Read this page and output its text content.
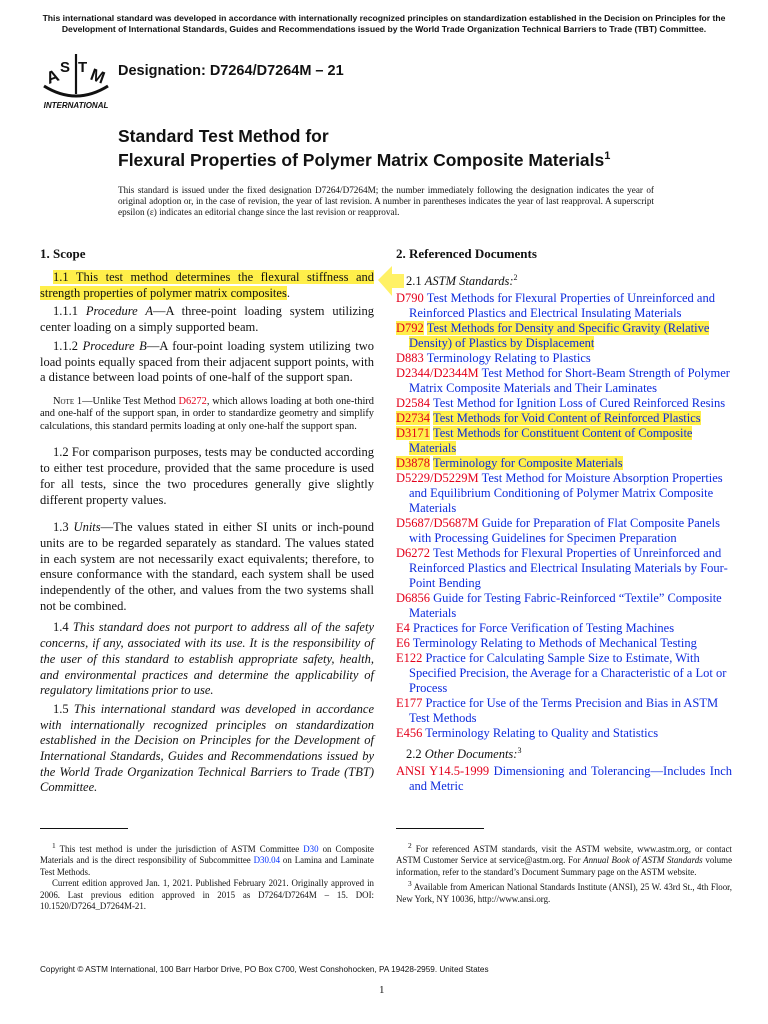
This international standard was developed in accordance with internationally recognized principles on standardization established in the Decision on Principles for the Development of International Standards, Guides and Recommendations issued by the World Trade Organization Technical Barriers to Trade (TBT) Committee.
A
S T M
INTERNATIONAL
Designation: D7264/D7264M – 21
Standard Test Method for
Flexural Properties of Polymer Matrix Composite Materials$^1$
This standard is issued under the fixed designation D7264/D7264M; the number immediately following the designation indicates the year of original adoption or, in the case of revision, the year of last revision. A number in parentheses indicates the year of last reapproval. A superscript epsilon (ε) indicates an editorial change since the last revision or reapproval.
1. Scope

1.1 This test method determines the flexural stiffness and strength properties of polymer matrix composites.

1.1.1 Procedure A—A three-point loading system utilizing center loading on a simply supported beam.

1.1.2 Procedure B—A four-point loading system utilizing two load points equally spaced from their adjacent support points, with a distance between load points of one-half of the support span.

Note 1—Unlike Test Method D6272, which allows loading at both one-third and one-half of the support span, in order to standardize geometry and simplify calculations, this standard permits loading at only one-half the support span.

1.2 For comparison purposes, tests may be conducted according to either test procedure, provided that the same procedure is used for all tests, since the two procedures generally give slightly different property values.

1.3 Units—The values stated in either SI units or inch-pound units are to be regarded separately as standard. The values stated in each system are not necessarily exact equivalents; therefore, to ensure conformance with the standard, each system shall be used independently of the other, and values from the two systems shall not be combined.

1.4 This standard does not purport to address all of the safety concerns, if any, associated with its use. It is the responsibility of the user of this standard to establish appropriate safety, health, and environmental practices and determine the applicability of regulatory limitations prior to use.

1.5 This international standard was developed in accordance with internationally recognized principles on standardization established in the Decision on Principles for the Development of International Standards, Guides and Recommendations issued by the World Trade Organization Technical Barriers to Trade (TBT) Committee.

2. Referenced Documents

2.1 ASTM Standards:$^2$

D790 Test Methods for Flexural Properties of Unreinforced and Reinforced Plastics and Electrical Insulating Materials

D792 Test Methods for Density and Specific Gravity (Relative Density) of Plastics by Displacement

D883 Terminology Relating to Plastics

D2344/D2344M Test Method for Short-Beam Strength of Polymer Matrix Composite Materials and Their Laminates

D2584 Test Method for Ignition Loss of Cured Reinforced Resins

D2734 Test Methods for Void Content of Reinforced Plastics

D3171 Test Methods for Constituent Content of Composite Materials

D3878 Terminology for Composite Materials

D5229/D5229M Test Method for Moisture Absorption Properties and Equilibrium Conditioning of Polymer Matrix Composite Materials

D5687/D5687M Guide for Preparation of Flat Composite Panels with Processing Guidelines for Specimen Preparation

D6272 Test Methods for Flexural Properties of Unreinforced and Reinforced Plastics and Electrical Insulating Materials by Four-Point Bending

D6856 Guide for Testing Fabric-Reinforced “Textile” Composite Materials

E4 Practices for Force Verification of Testing Machines

E6 Terminology Relating to Methods of Mechanical Testing

E122 Practice for Calculating Sample Size to Estimate, With Specified Precision, the Average for a Characteristic of a Lot or Process

E177 Practice for Use of the Terms Precision and Bias in ASTM Test Methods

E456 Terminology Relating to Quality and Statistics

2.2 Other Documents:$^3$

ANSI Y14.5-1999 Dimensioning and Tolerancing—Includes Inch and Metric

$^1$ This test method is under the jurisdiction of ASTM Committee D30 on Composite Materials and is the direct responsibility of Subcommittee D30.04 on Lamina and Laminate Test Methods.

Current edition approved Jan. 1, 2021. Published February 2021. Originally approved in 2006. Last previous edition approved in 2015 as D7264/D7264M – 15. DOI: 10.1520/D7264_D7264M-21.

$^2$ For referenced ASTM standards, visit the ASTM website, www.astm.org, or contact ASTM Customer Service at service@astm.org. For Annual Book of ASTM Standards volume information, refer to the standard’s Document Summary page on the ASTM website.

$^3$ Available from American National Standards Institute (ANSI), 25 W. 43rd St., 4th Floor, New York, NY 10036, http://www.ansi.org.

Copyright © ASTM International, 100 Barr Harbor Drive, PO Box C700, West Conshohocken, PA 19428-2959. United States
1
